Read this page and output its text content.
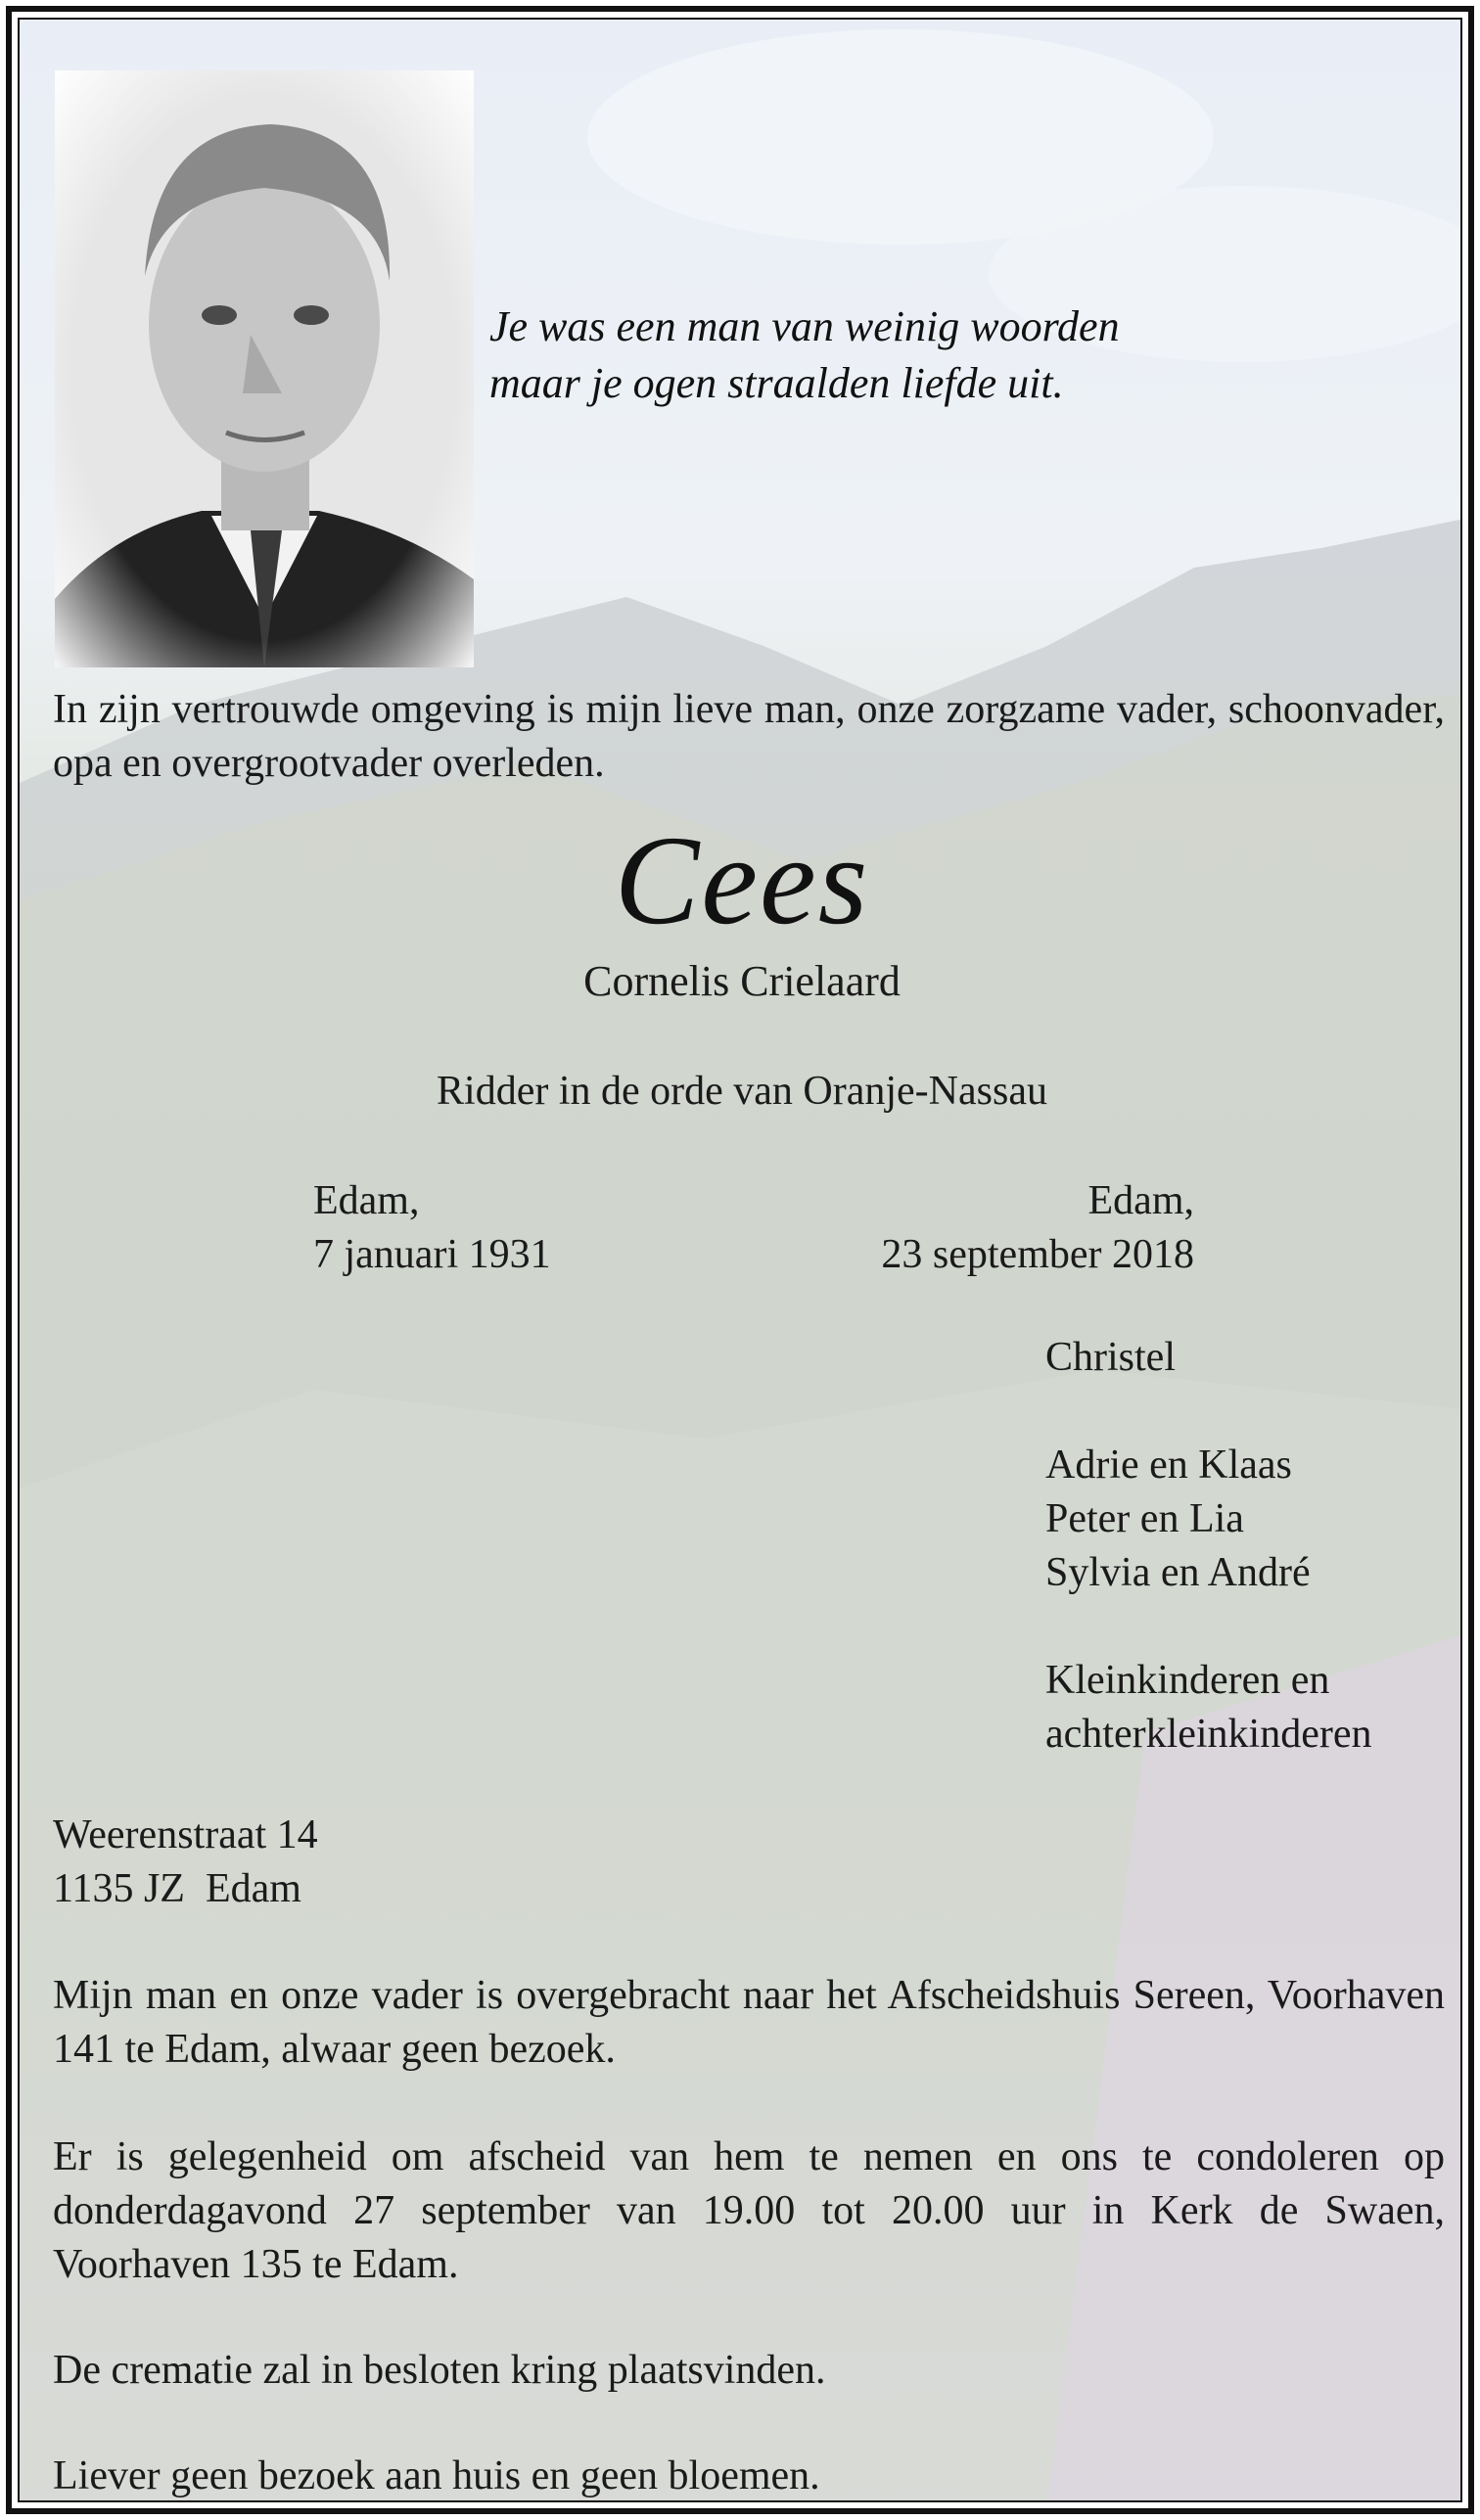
Je was een man van weinig woorden
maar je ogen straalden liefde uit.
In zijn vertrouwde omgeving is mijn lieve man, onze zorgzame vader, schoonvader, opa en overgrootvader overleden.
Cees
Cornelis Crielaard
Ridder in de orde van Oranje-Nassau
Edam,
7 januari 1931
Edam,
23 september 2018
Christel
Adrie en Klaas
Peter en Lia
Sylvia en André
Kleinkinderen en
achterkleinkinderen
Weerenstraat 14
1135 JZ  Edam
Mijn man en onze vader is overgebracht naar het Afscheidshuis Sereen, Voorhaven 141 te Edam, alwaar geen bezoek.
Er is gelegenheid om afscheid van hem te nemen en ons te condoleren op donderdagavond 27 september van 19.00 tot 20.00 uur in Kerk de Swaen, Voorhaven 135 te Edam.
De crematie zal in besloten kring plaatsvinden.
Liever geen bezoek aan huis en geen bloemen.
